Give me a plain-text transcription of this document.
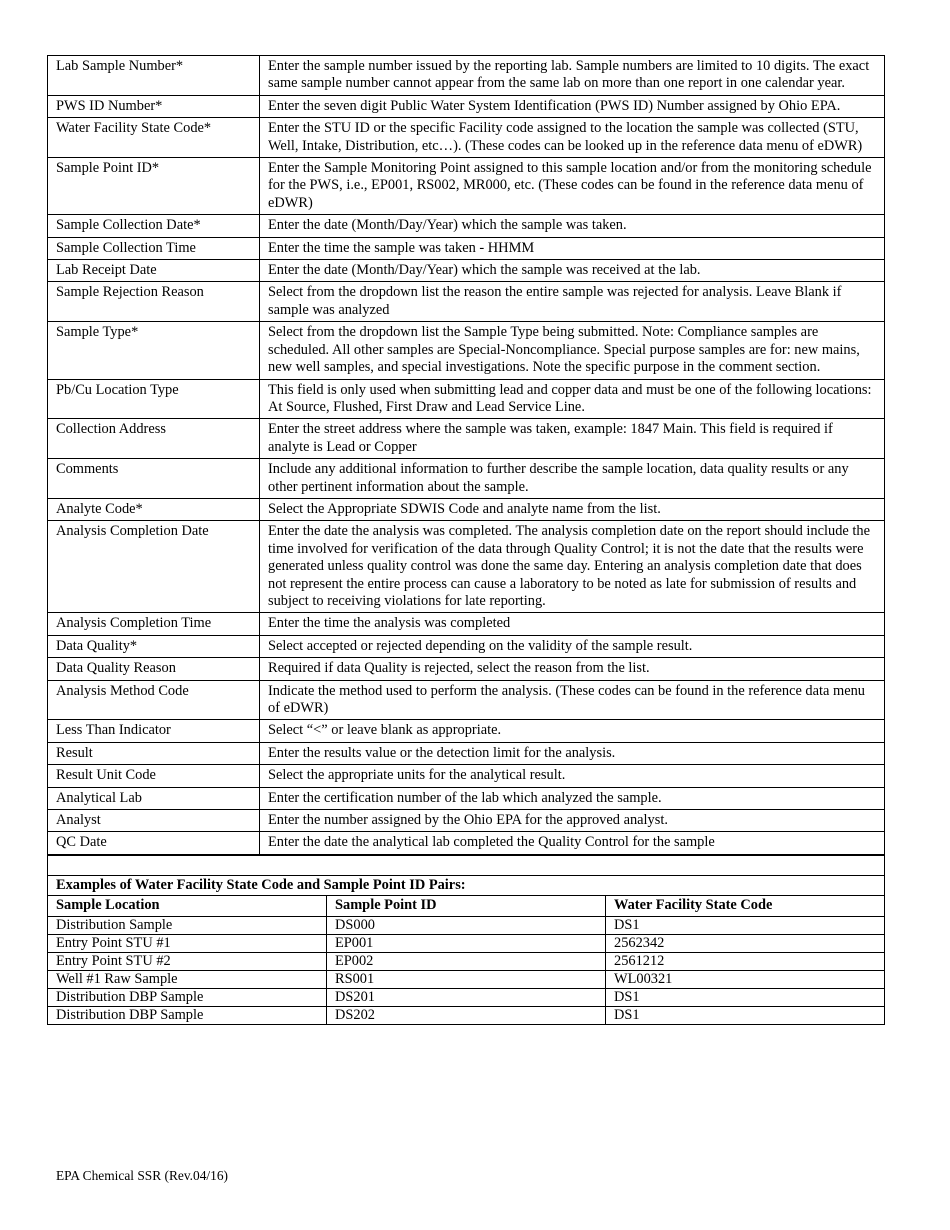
Lab Sample Number*	Enter the sample number issued by the reporting lab. Sample numbers are limited to 10 digits. The exact same sample number cannot appear from the same lab on more than one report in one calendar year.
PWS ID Number*	Enter the seven digit Public Water System Identification (PWS ID) Number assigned by Ohio EPA.
Water Facility State Code*	Enter the STU ID or the specific Facility code assigned to the location the sample was collected (STU, Well, Intake, Distribution, etc…). (These codes can be looked up in the reference data menu of eDWR)
Sample Point ID*	Enter the Sample Monitoring Point assigned to this sample location and/or from the monitoring schedule for the PWS, i.e., EP001, RS002, MR000, etc. (These codes can be found in the reference data menu of eDWR)
Sample Collection Date*	Enter the date (Month/Day/Year) which the sample was taken.
Sample Collection Time	Enter the time the sample was taken - HHMM
Lab Receipt Date	Enter the date (Month/Day/Year) which the sample was received at the lab.
Sample Rejection Reason	Select from the dropdown list the reason the entire sample was rejected for analysis. Leave Blank if sample was analyzed
Sample Type*	Select from the dropdown list the Sample Type being submitted. Note: Compliance samples are scheduled. All other samples are Special-Noncompliance. Special purpose samples are for: new mains, new well samples, and special investigations. Note the specific purpose in the comment section.
Pb/Cu Location Type	This field is only used when submitting lead and copper data and must be one of the following locations: At Source, Flushed, First Draw and Lead Service Line.
Collection Address	Enter the street address where the sample was taken, example: 1847 Main. This field is required if analyte is Lead or Copper
Comments	Include any additional information to further describe the sample location, data quality results or any other pertinent information about the sample.
Analyte Code*	Select the Appropriate SDWIS Code and analyte name from the list.
Analysis Completion Date	Enter the date the analysis was completed. The analysis completion date on the report should include the time involved for verification of the data through Quality Control; it is not the date that the results were generated unless quality control was done the same day. Entering an analysis completion date that does not represent the entire process can cause a laboratory to be noted as late for submission of results and subject to receiving violations for late reporting.
Analysis Completion Time	Enter the time the analysis was completed
Data Quality*	Select accepted or rejected depending on the validity of the sample result.
Data Quality Reason	Required if data Quality is rejected, select the reason from the list.
Analysis Method Code	Indicate the method used to perform the analysis. (These codes can be found in the reference data menu of eDWR)
Less Than Indicator	Select “<” or leave blank as appropriate.
Result	Enter the results value or the detection limit for the analysis.
Result Unit Code	Select the appropriate units for the analytical result.
Analytical Lab	Enter the certification number of the lab which analyzed the sample.
Analyst	Enter the number assigned by the Ohio EPA for the approved analyst.
QC Date	Enter the date the analytical lab completed the Quality Control for the sample

Examples of Water Facility State Code and Sample Point ID Pairs:		
Sample Location	Sample Point ID	Water Facility State Code
Distribution Sample	DS000	DS1
Entry Point STU #1	EP001	2562342
Entry Point STU #2	EP002	2561212
Well #1 Raw Sample	RS001	WL00321
Distribution DBP Sample	DS201	DS1
Distribution DBP Sample	DS202	DS1
EPA Chemical SSR (Rev.04/16)
